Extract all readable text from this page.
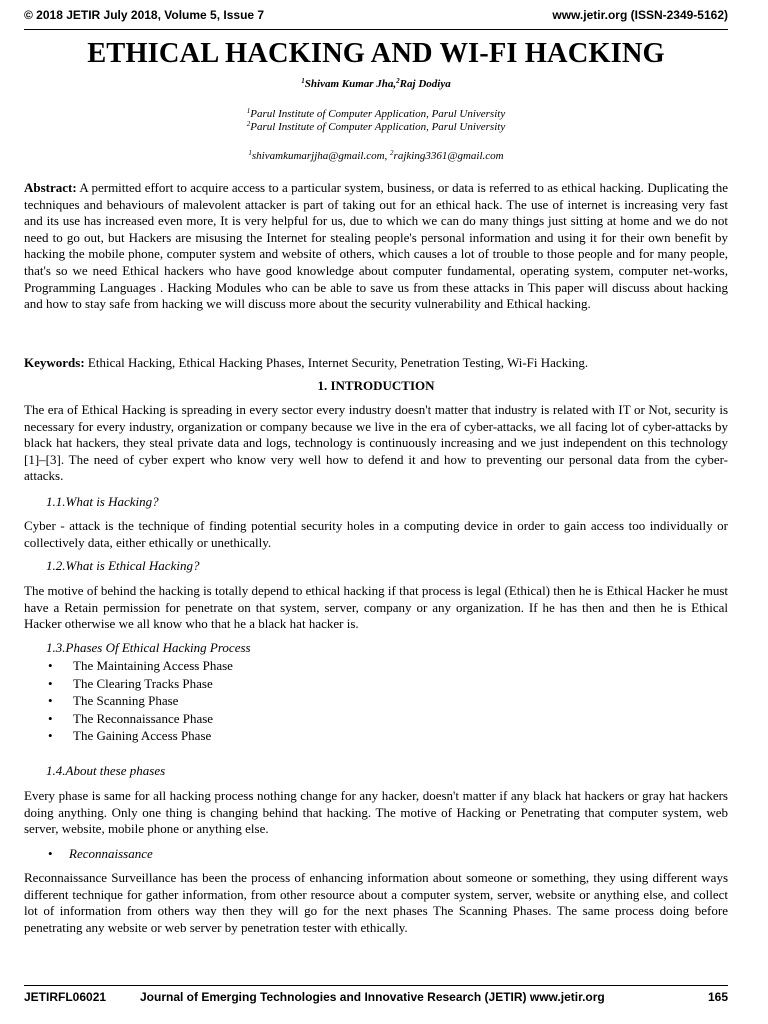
© 2018 JETIR July 2018, Volume 5, Issue 7	www.jetir.org (ISSN-2349-5162)
ETHICAL HACKING AND WI-FI HACKING
$^1$Shivam Kumar Jha,$^2$Raj Dodiya
$^1$Parul Institute of Computer Application, Parul University
$^2$Parul Institute of Computer Application, Parul University
$^1$shivamkumarjjha@gmail.com, $^2$rajking3361@gmail.com
Abstract: A permitted effort to acquire access to a particular system, business, or data is referred to as ethical hacking. Duplicating the techniques and behaviours of malevolent attacker is part of taking out for an ethical hack. The use of internet is increasing very fast and its use has increased even more, It is very helpful for us, due to which we can do many things just sitting at home and we do not need to go out, but Hackers are misusing the Internet for stealing people's personal information and using it for their own benefit by hacking the mobile phone, computer system and website of others, which causes a lot of trouble to those people and for many people, that's so we need Ethical hackers who have good knowledge about computer fundamental, operating system, computer net-works, Programming Languages . Hacking Modules who can be able to save us from these attacks in This paper will discuss about hacking and how to stay safe from hacking we will discuss more about the security vulnerability and Ethical hacking.
Keywords: Ethical Hacking, Ethical Hacking Phases, Internet Security, Penetration Testing, Wi-Fi Hacking.
1. INTRODUCTION
The era of Ethical Hacking is spreading in every sector every industry doesn't matter that industry is related with IT or Not, security is necessary for every industry, organization or company because we live in the era of cyber-attacks, we all facing lot of cyber-attacks by black hat hackers, they steal private data and logs, technology is continuously increasing and we just independent on this technology [1]–[3]. The need of cyber expert who know very well how to defend it and how to preventing our personal data from the cyber-attacks.
1.1.What is Hacking?
Cyber - attack is the technique of finding potential security holes in a computing device in order to gain access too individually or collectively data, either ethically or unethically.
1.2.What is Ethical Hacking?
The motive of behind the hacking is totally depend to ethical hacking if that process is legal (Ethical) then he is Ethical Hacker he must have a Retain permission for penetrate on that system, server, company or any organization. If he has then and then he is Ethical Hacker otherwise we all know who that he a black hat hacker is.
1.3.Phases Of Ethical Hacking Process
• The Maintaining Access Phase
• The Clearing Tracks Phase
• The Scanning Phase
• The Reconnaissance Phase
• The Gaining Access Phase
1.4.About these phases
Every phase is same for all hacking process nothing change for any hacker, doesn't matter if any black hat hackers or gray hat hackers doing anything. Only one thing is changing behind that hacking. The motive of Hacking or Penetrating that computer system, web server, website, mobile phone or anything else.
• Reconnaissance
Reconnaissance Surveillance has been the process of enhancing information about someone or something, they using different ways different technique for gather information, from other resource about a computer system, server, website or anything else, and collect lot of information from others way then they will go for the next phases The Scanning Phases. The same process doing before penetrating any website or web server by penetration tester with ethically.
JETIRFL06021	Journal of Emerging Technologies and Innovative Research (JETIR) www.jetir.org	165
